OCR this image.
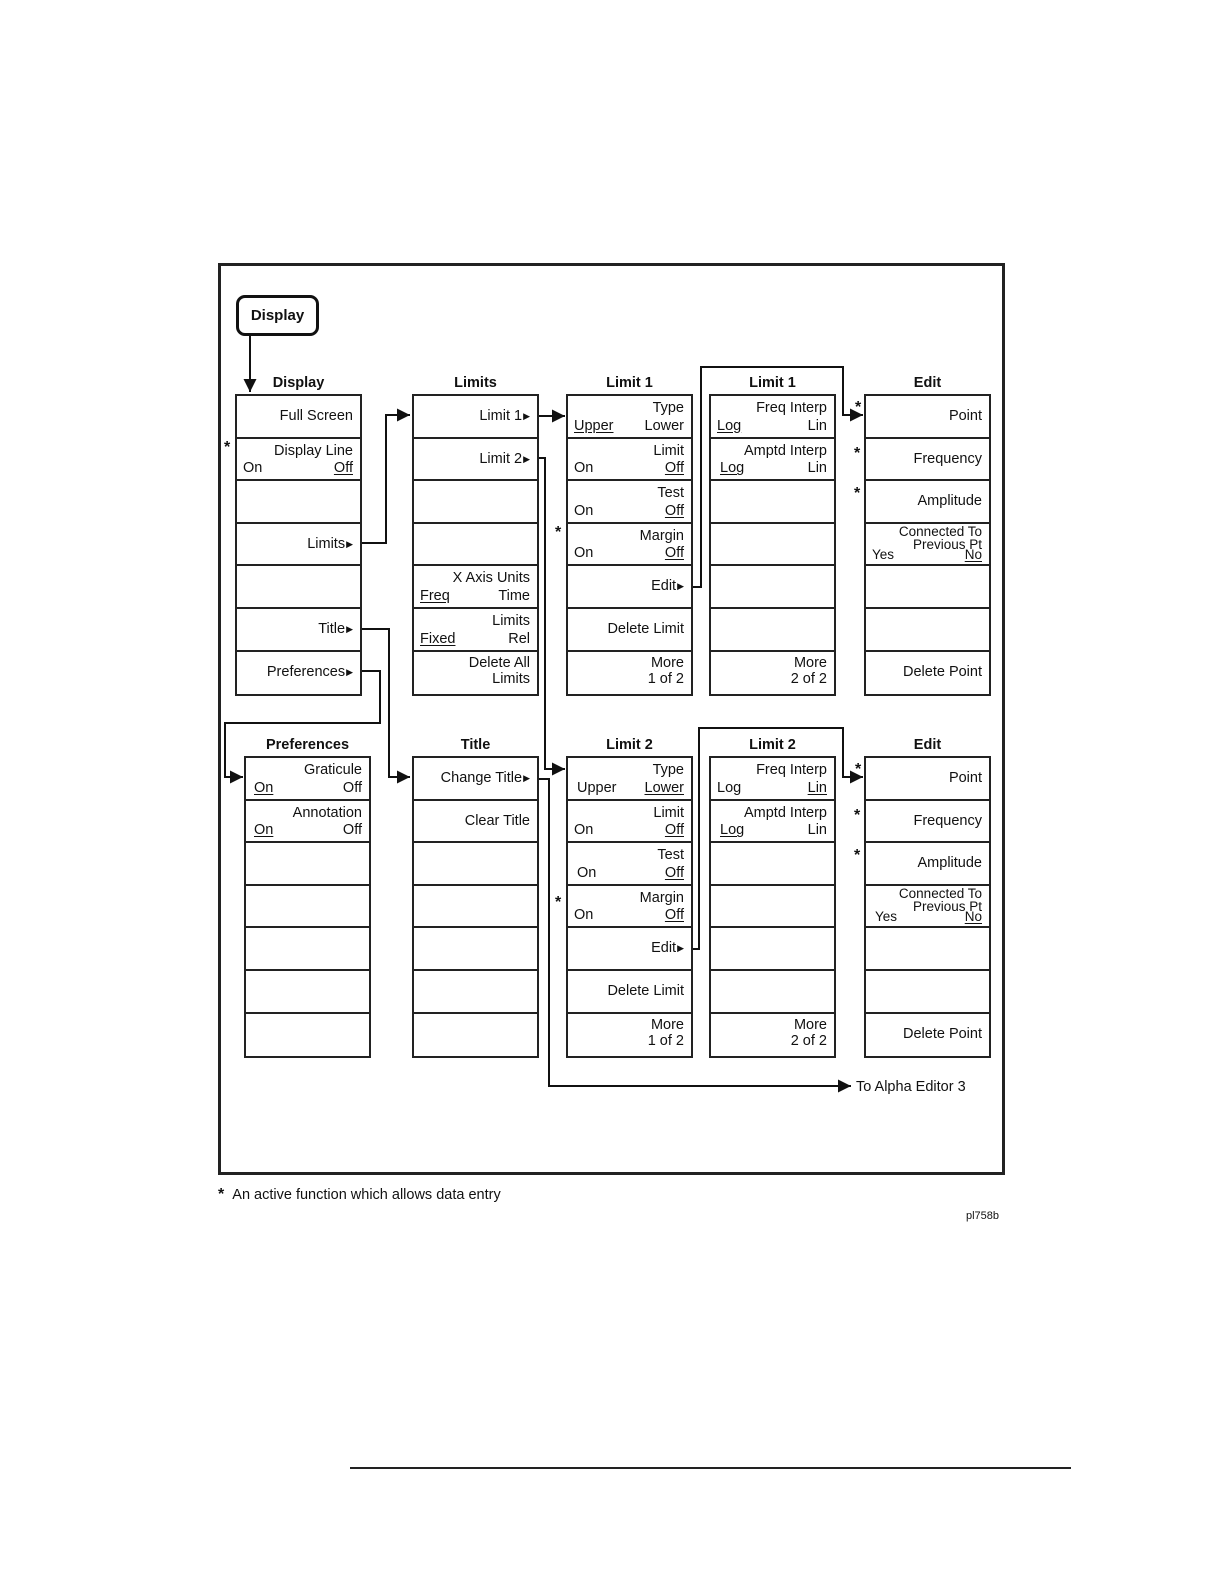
Display
Display
Full Screen
Display Line
On	Off
Limits▶
Title▶
Preferences▶
*
Limits
Limit 1▶
Limit 2▶
X Axis Units
Freq	Time
Limits
Fixed	Rel
Delete All
Limits
Limit 1
Type
Upper Lower
Limit
On	Off
Test
On	Off
Margin
On	Off
Edit▶
Delete Limit
More
1 of 2
*
Limit 1
Freq Interp
Log	Lin
Amptd Interp
Log	Lin
More
2 of 2
Edit
Point
Frequency
Amplitude
Connected To
Previous Pt
Yes	No
Delete Point
*
*
*
Preferences
Graticule
On	Off
Annotation
On	Off
Title
Change Title▶
Clear Title
Limit 2
Type
Upper Lower
Limit
On	Off
Test
On	Off
Margin
On	Off
Edit▶
Delete Limit
More
1 of 2
*
Limit 2
Freq Interp
Log	Lin
Amptd Interp
Log	Lin
More
2 of 2
Edit
Point
Frequency
Amplitude
Connected To
Previous Pt
Yes	No
Delete Point
*
*
*
To Alpha Editor 3
* An active function which allows data entry
pl758b
